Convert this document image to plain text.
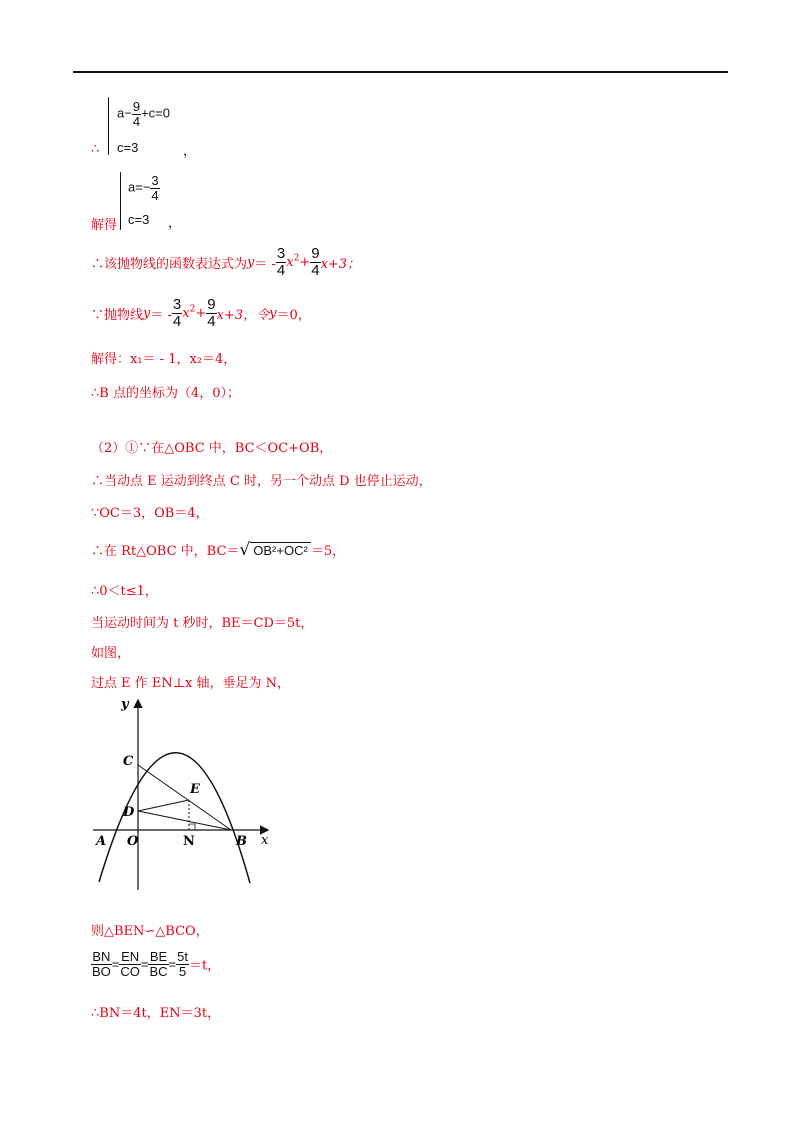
$a- \frac{9}{4} +c=0$
∴ c=3	，
$a=- \frac{3}{4}$
解得 c=3 ，
∴该抛物线的函数表达式为$y= - \frac{3}{4} x^2+ \frac{9}{4} x+3$；
∵抛物线$y= - \frac{3}{4} x^2+ \frac{9}{4} x+3$，令y＝0，
解得：x₁＝ - 1，x₂＝4，
∴B 点的坐标为（4，0）；
（2）①∵在△OBC 中，BC＜OC+OB，
∴当动点 E 运动到终点 C 时，另一个动点 D 也停止运动，
∵OC＝3，OB＝4，
∴在 Rt△OBC 中，BC＝√ OB²+OC² ＝5，
∴0＜t≤1，
当运动时间为 t 秒时，BE＝CD＝5t，
如图，
过点 E 作 EN⊥x 轴，垂足为 N，
y
x
C
D
E
A O	N	B
则△BEN∽△BCO，
$\frac{BN}{BO} = \frac{EN}{CO} = \frac{BE}{BC} = \frac{5t}{5} =t$，
∴BN＝4t，EN＝3t，
